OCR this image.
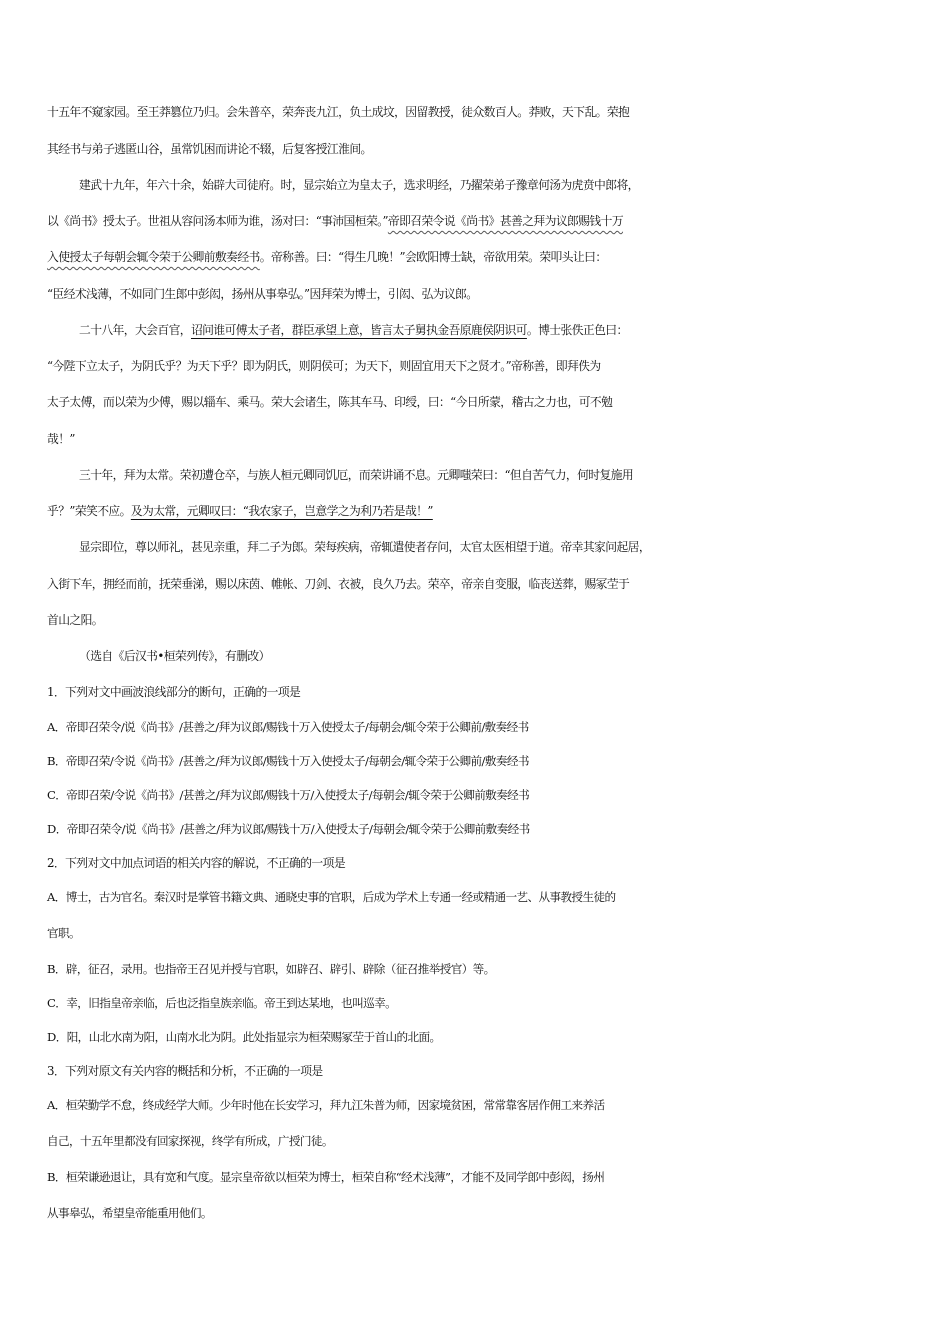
十五年不窥家园。至王莽篡位乃归。会朱普卒，荣奔丧九江，负土成坟，因留教授，徒众数百人。莽败，天下乱。荣抱
其经书与弟子逃匿山谷，虽常饥困而讲论不辍，后复客授江淮间。
建武十九年，年六十余，始辟大司徒府。时，显宗始立为皇太子，选求明经，乃擢荣弟子豫章何汤为虎贲中郎将，
以《尚书》授太子。世祖从容问汤本师为谁，汤对曰：“事沛国桓荣。”帝即召荣令说《尚书》甚善之拜为议郎赐钱十万
入使授太子每朝会辄令荣于公卿前敷奏经书。帝称善。曰：“得生几晚！”会欧阳博士缺，帝欲用荣。荣叩头让曰：
“臣经术浅薄，不如同门生郎中彭闳，扬州从事皋弘。”因拜荣为博士，引闳、弘为议郎。
二十八年，大会百官，诏问谁可傅太子者，群臣承望上意，皆言太子舅执金吾原鹿侯阴识可。博士张佚正色曰：
“今陛下立太子，为阴氏乎？为天下乎？即为阴氏，则阴侯可；为天下，则固宜用天下之贤才。”帝称善，即拜佚为
太子太傅，而以荣为少傅，赐以辎车、乘马。荣大会诸生，陈其车马、印绶，曰：“今日所蒙，稽古之力也，可不勉
哉！”
三十年，拜为太常。荣初遭仓卒，与族人桓元卿同饥厄，而荣讲诵不息。元卿嗤荣曰：“但自苦气力，何时复施用
乎？”荣笑不应。及为太常，元卿叹曰：“我农家子，岂意学之为利乃若是哉！”
显宗即位，尊以师礼，甚见亲重，拜二子为郎。荣每疾病，帝辄遣使者存问，太官太医相望于道。帝幸其家问起居，
入街下车，拥经而前，抚荣垂涕，赐以床茵、帷帐、刀剑、衣被，良久乃去。荣卒，帝亲自变服，临丧送葬，赐冢茔于
首山之阳。
（选自《后汉书•桓荣列传》，有删改）
1．下列对文中画波浪线部分的断句，正确的一项是
A．帝即召荣令/说《尚书》/甚善之/拜为议郎/赐钱十万入使授太子/每朝会/辄令荣于公卿前/敷奏经书
B．帝即召荣/令说《尚书》/甚善之/拜为议郎/赐钱十万入使授太子/每朝会/辄令荣于公卿前/敷奏经书
C．帝即召荣/令说《尚书》/甚善之/拜为议郎/赐钱十万/入使授太子/每朝会/辄令荣于公卿前敷奏经书
D．帝即召荣令/说《尚书》/甚善之/拜为议郎/赐钱十万/入使授太子/每朝会/辄令荣于公卿前敷奏经书
2．下列对文中加点词语的相关内容的解说，不正确的一项是
A．博士，古为官名。秦汉时是掌管书籍文典、通晓史事的官职，后成为学术上专通一经或精通一艺、从事教授生徒的
官职。
B．辟，征召，录用。也指帝王召见并授与官职，如辟召、辟引、辟除（征召推举授官）等。
C．幸，旧指皇帝亲临，后也泛指皇族亲临。帝王到达某地，也叫巡幸。
D．阳，山北水南为阳，山南水北为阴。此处指显宗为桓荣赐冢茔于首山的北面。
3．下列对原文有关内容的概括和分析，不正确的一项是
A．桓荣勤学不怠，终成经学大师。少年时他在长安学习，拜九江朱普为师，因家境贫困，常常靠客居作佣工来养活
自己，十五年里都没有回家探视，终学有所成，广授门徒。
B．桓荣谦逊退让，具有宽和气度。显宗皇帝欲以桓荣为博士，桓荣自称“经术浅薄”，才能不及同学郎中彭闳，扬州
从事皋弘，希望皇帝能重用他们。
